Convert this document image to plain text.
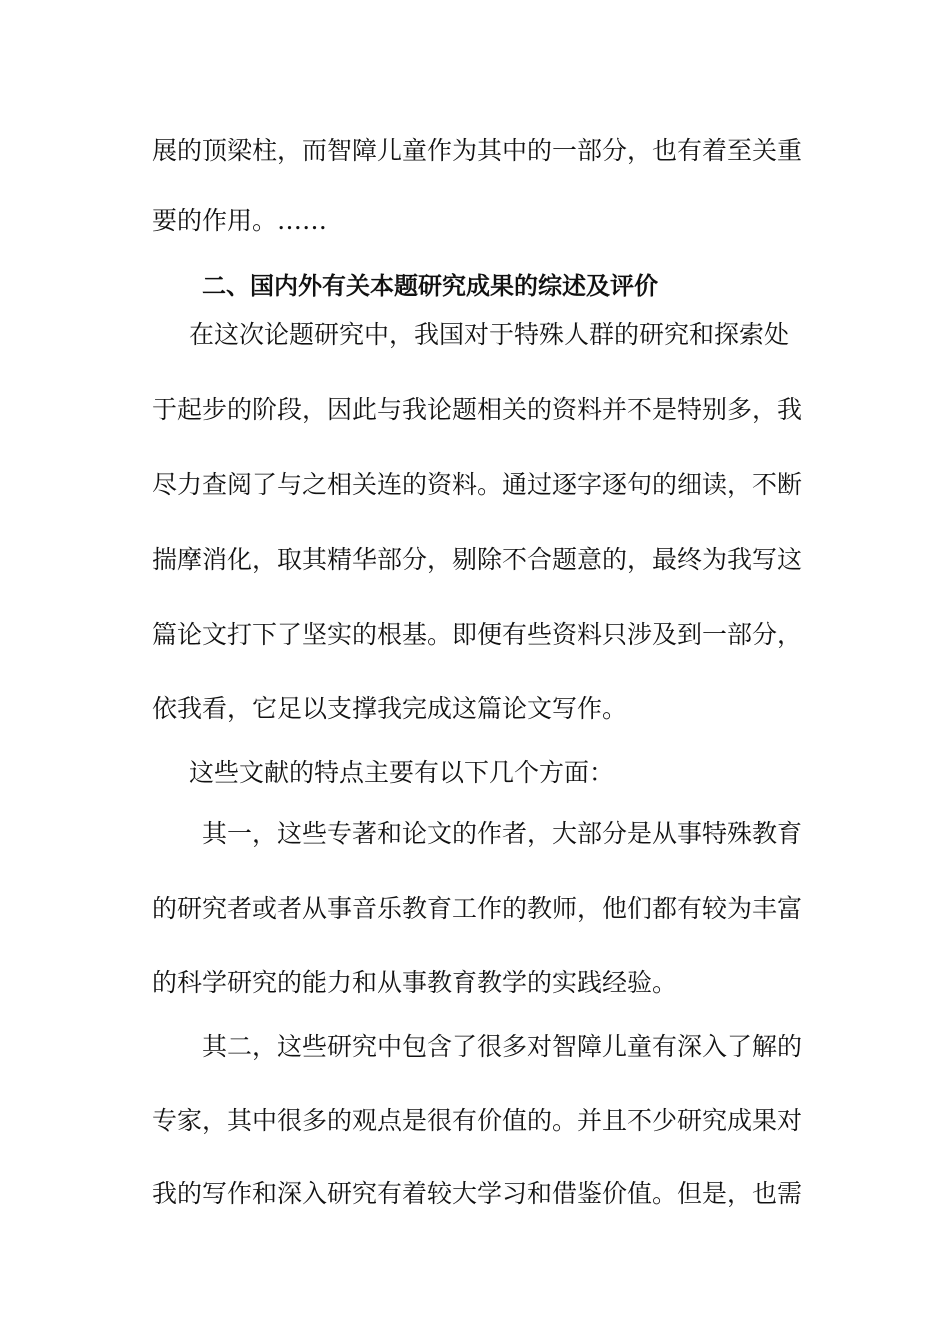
展的顶梁柱，而智障儿童作为其中的一部分，也有着至关重
要的作用。……
二、国内外有关本题研究成果的综述及评价
在这次论题研究中，我国对于特殊人群的研究和探索处
于起步的阶段，因此与我论题相关的资料并不是特别多，我
尽力查阅了与之相关连的资料。通过逐字逐句的细读，不断
揣摩消化，取其精华部分，剔除不合题意的，最终为我写这
篇论文打下了坚实的根基。即便有些资料只涉及到一部分，
依我看，它足以支撑我完成这篇论文写作。
这些文献的特点主要有以下几个方面：
其一，这些专著和论文的作者，大部分是从事特殊教育
的研究者或者从事音乐教育工作的教师，他们都有较为丰富
的科学研究的能力和从事教育教学的实践经验。
其二，这些研究中包含了很多对智障儿童有深入了解的
专家，其中很多的观点是很有价值的。并且不少研究成果对
我的写作和深入研究有着较大学习和借鉴价值。但是，也需
